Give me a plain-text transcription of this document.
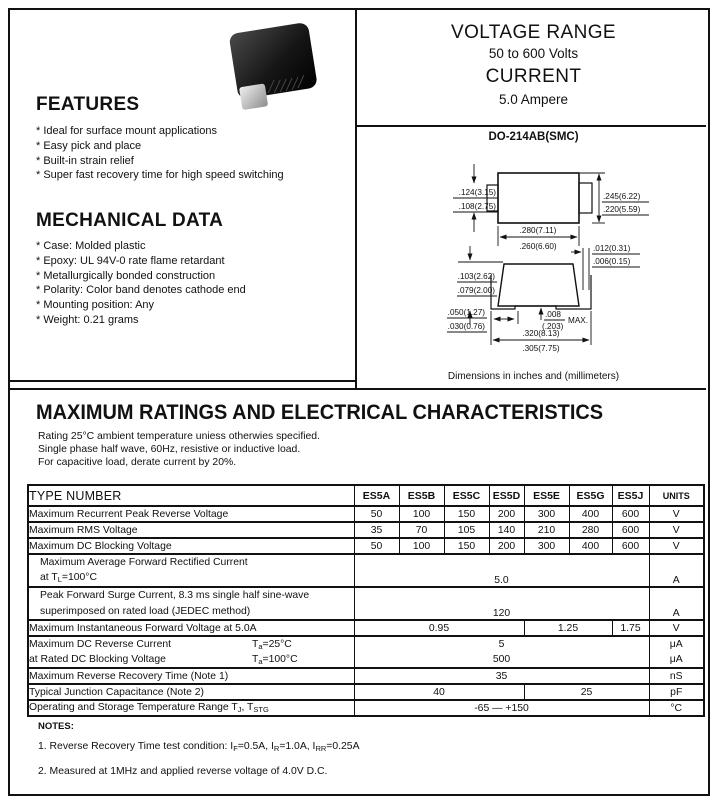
FEATURES
* Ideal for surface mount applications
* Easy pick and place
* Built-in strain relief
* Super fast recovery time for high speed switching
MECHANICAL DATA
* Case: Molded plastic
* Epoxy: UL 94V-0 rate flame retardant
* Metallurgically bonded construction
* Polarity: Color band denotes cathode end
* Mounting position: Any
* Weight: 0.21 grams
VOLTAGE RANGE
50 to 600 Volts
CURRENT
5.0 Ampere
DO-214AB(SMC)
.124(3.15)
.108(2.75)
.245(6.22)
.220(5.59)
.280(7.11)
.260(6.60)	.012(0.31)
.006(0.15)
.103(2.62)
.079(2.00)
.050(1.27)
.030(0.76)
.008
(.203)
MAX.
.320(8.13)
.305(7.75)
Dimensions in inches and (millimeters)
MAXIMUM RATINGS AND ELECTRICAL CHARACTERISTICS
Rating 25°C ambient temperature uniess otherwies specified.
Single phase half wave, 60Hz, resistive or inductive load.
For capacitive load, derate current by 20%.
TYPE NUMBER	ES5A	ES5B	ES5C	ES5D	ES5E	ES5G	ES5J	UNITS
Maximum Recurrent Peak Reverse Voltage	50	100	150	200	300	400	600	V
Maximum RMS Voltage	35	70	105	140	210	280	600	V
Maximum DC Blocking Voltage	50	100	150	200	300	400	600	V

Maximum Average Forward Rectified Current
at $T_L=100^\circ C$	5.0							A

Peak Forward Surge Current, 8.3 ms single half sine-wave
superimposed on rated load (JEDEC method)	120							A
Maximum Instantaneous Forward Voltage at 5.0A	0.95				1.25		1.75	V
Maximum DC Reverse Current $T_a=25^\circ C$	5							μA
at Rated DC Blocking Voltage $T_a=100^\circ C$	500							μA
Maximum Reverse Recovery Time (Note 1)	35							nS
Typical Junction Capacitance (Note 2)	40				25			pF
Operating and Storage Temperature Range $T_J$, $T_{STG}$	-65 — +150							°C
NOTES:
1. Reverse Recovery Time test condition: $I_F=0.5A$, $I_R=1.0A$, $I_{RR}=0.25A$
2. Measured at 1MHz and applied reverse voltage of 4.0V D.C.
